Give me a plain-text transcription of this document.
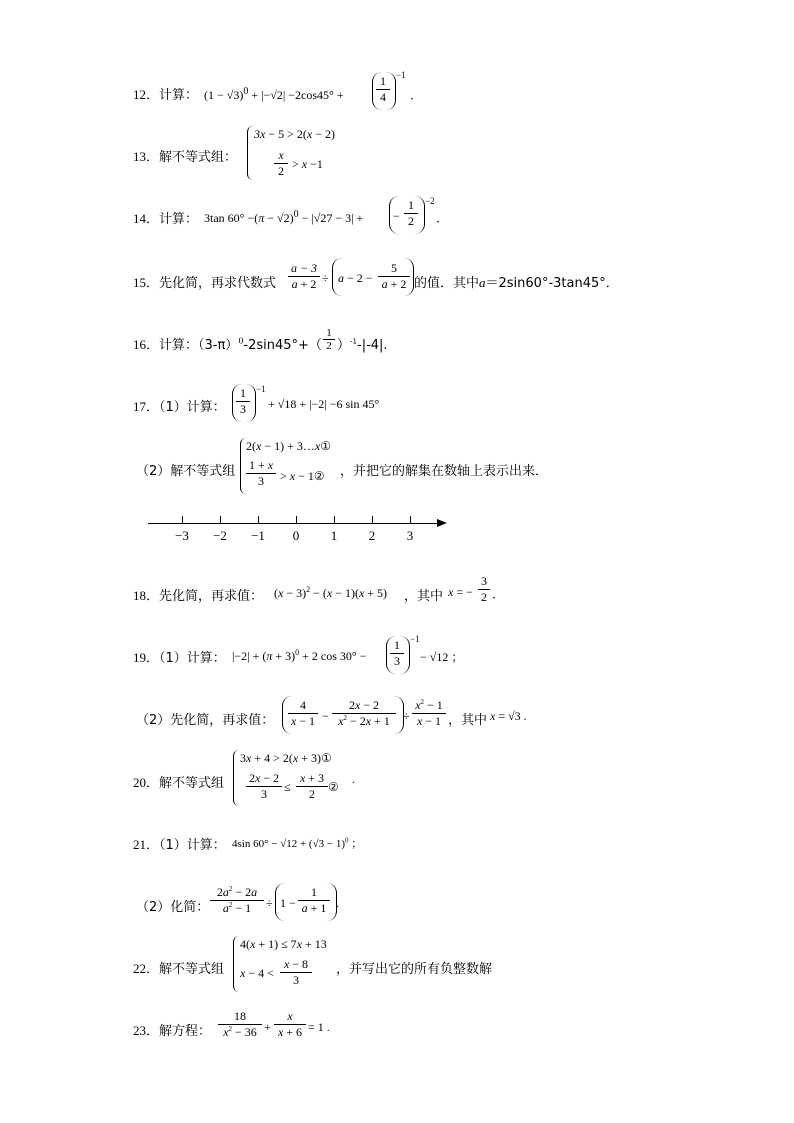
12．计算： $(1 - √3)^0 + |-√2| -2\cos 45^\circ$ +	$\frac{1}{4} -1$
．
13．解不等式组：
3x − 5 > 2(x − 2)
$\frac{x}{2} > x -1$
14．计算： 3tan $60^\circ -(\pi - √2)^0 - |√27 - 3|$ + − $\frac{1}{2} -2$
．
15．先化简，再求代数式 $\frac{a - 3}{a + 2} \div a - 2 - \frac{5}{a + 2}$ 的值．其中a＝2sin60°-3tan45°．
16．计算：$(3-\pi)^0-2\sin 45^\circ+( \frac{1}{2} )^{-1}-|-4|$.
17．（1）计算： $\frac{1}{3} -1$
+ √18 + |−2| −6 sin 45°
（2）解不等式组
2(x − 1) + 3…x①
$\frac{1 + x}{3} > x$ − 1② ，并把它的解集在数轴上表示出来．
−3	−2	−1	0	1	2	3
18．先化简，再求值： $(x - 3)^2 - (x - 1)(x + 5)$ ，其中 x = − $\frac{3}{2}$ ．
19．（1）计算： $|-2| + (\pi + 3)^0 + 2$ $\cos 30^\circ - \frac{1}{3} -1$
− √12 ；
（2）先化简，再求值： $\frac{4}{x - 1} - \frac{2x - 2}{x^2 - 2x + 1} \div \frac{x^2 - 1}{x - 1}$ ，其中 x = √3 .
20．解不等式组
3x + 4 > 2(x + 3)①
$\frac{2x - 2}{3} \le \frac{x + 3}{2}$ ②
.
21．（1）计算： 4sin $60^\circ - √12 + (√3 - 1)^0$ ；
（2）化简： $\frac{2a^2 - 2a}{a^2 - 1} \div 1 - \frac{1}{a + 1}$ .
22．解不等式组
4(x + 1) ≤ 7x + 13
$x - 4 < \frac{x - 8}{3}$ ，并写出它的所有负整数解
23．解方程： $\frac{18}{x^2 - 36} + \frac{x}{x + 6} = 1$ .
